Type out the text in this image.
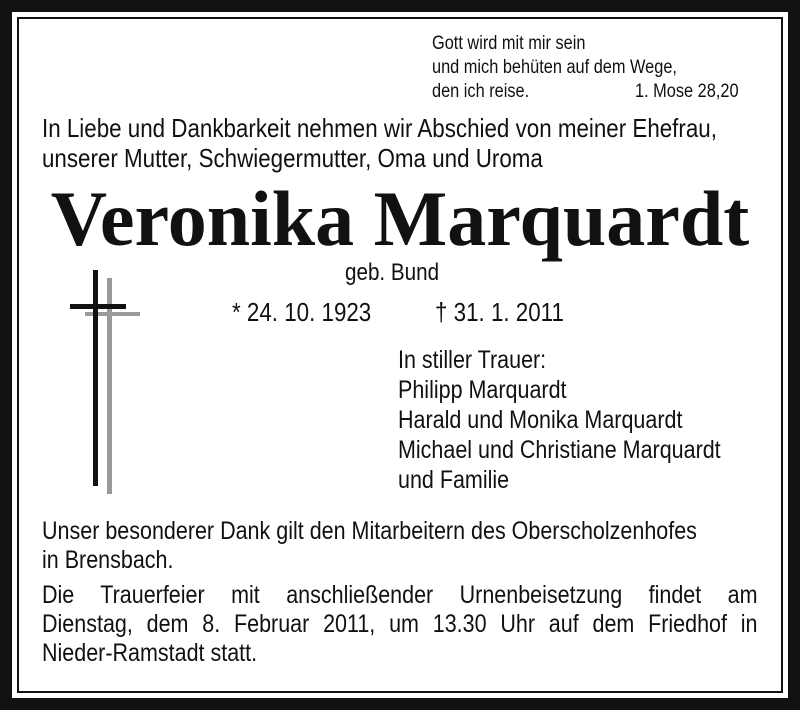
Gott wird mit mir sein
und mich behüten auf dem Wege,
den ich reise.	1. Mose 28,20
In Liebe und Dankbarkeit nehmen wir Abschied von meiner Ehefrau,
unserer Mutter, Schwiegermutter, Oma und Uroma
Veronika Marquardt
geb. Bund
* 24. 10. 1923 † 31. 1. 2011
In stiller Trauer:
Philipp Marquardt
Harald und Monika Marquardt
Michael und Christiane Marquardt
und Familie
Unser besonderer Dank gilt den Mitarbeitern des Oberscholzenhofes
in Brensbach.
Die Trauerfeier mit anschließender Urnenbeisetzung findet am
Dienstag, dem 8. Februar 2011, um 13.30 Uhr auf dem Friedhof in
Nieder-Ramstadt statt.
